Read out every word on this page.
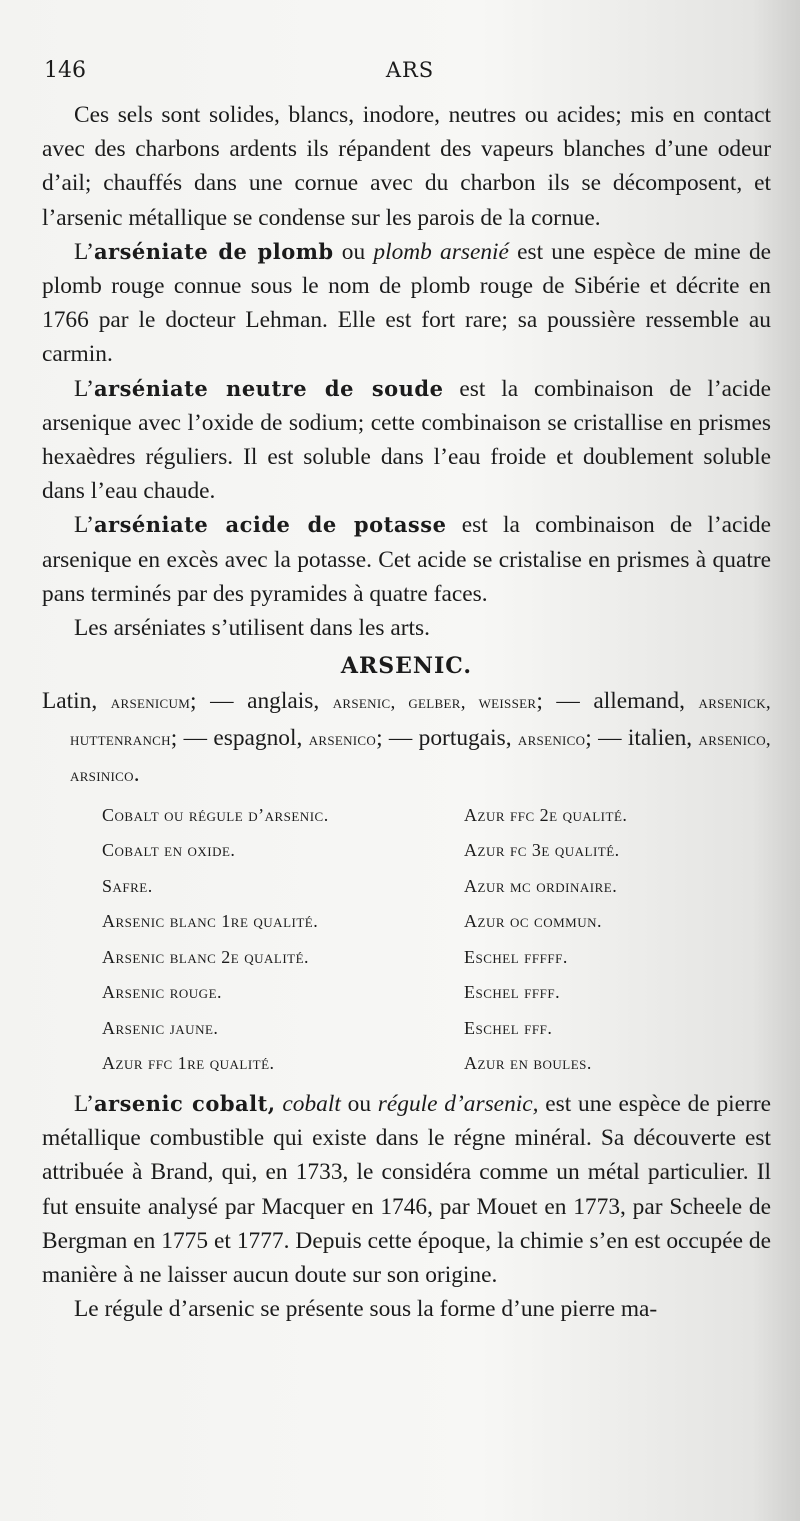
146	ARS

Ces sels sont solides, blancs, inodore, neutres ou acides; mis en contact avec des charbons ardents ils répandent des vapeurs blanches d’une odeur d’ail; chauffés dans une cornue avec du charbon ils se décomposent, et l’arsenic métallique se condense sur les parois de la cornue.

L’arséniate de plomb ou plomb arsenié est une espèce de mine de plomb rouge connue sous le nom de plomb rouge de Sibérie et décrite en 1766 par le docteur Lehman. Elle est fort rare; sa poussière ressemble au carmin.

L’arséniate neutre de soude est la combinaison de l’acide arsenique avec l’oxide de sodium; cette combinaison se cristallise en prismes hexaèdres réguliers. Il est soluble dans l’eau froide et doublement soluble dans l’eau chaude.

L’arséniate acide de potasse est la combinaison de l’acide arsenique en excès avec la potasse. Cet acide se cristalise en prismes à quatre pans terminés par des pyramides à quatre faces.

Les arséniates s’utilisent dans les arts.

ARSENIC.

Latin, arsenicum; — anglais, arsenic, gelber, weisser; — allemand, arsenick, huttenranch; — espagnol, arsenico; — portugais, arsenico; — italien, arsenico, arsinico.

Cobalt ou régule d’arsenic.	Azur ffc 2e qualité.
Cobalt en oxide.	Azur fc 3e qualité.
Safre.	Azur mc ordinaire.
Arsenic blanc 1re qualité.	Azur oc commun.
Arsenic blanc 2e qualité.	Eschel fffff.
Arsenic rouge.	Eschel ffff.
Arsenic jaune.	Eschel fff.
Azur ffc 1re qualité.	Azur en boules.

L’arsenic cobalt, cobalt ou régule d’arsenic, est une espèce de pierre métallique combustible qui existe dans le régne minéral. Sa découverte est attribuée à Brand, qui, en 1733, le considéra comme un métal particulier. Il fut ensuite analysé par Macquer en 1746, par Mouet en 1773, par Scheele de Bergman en 1775 et 1777. Depuis cette époque, la chimie s’en est occupée de manière à ne laisser aucun doute sur son origine.

Le régule d’arsenic se présente sous la forme d’une pierre ma-
